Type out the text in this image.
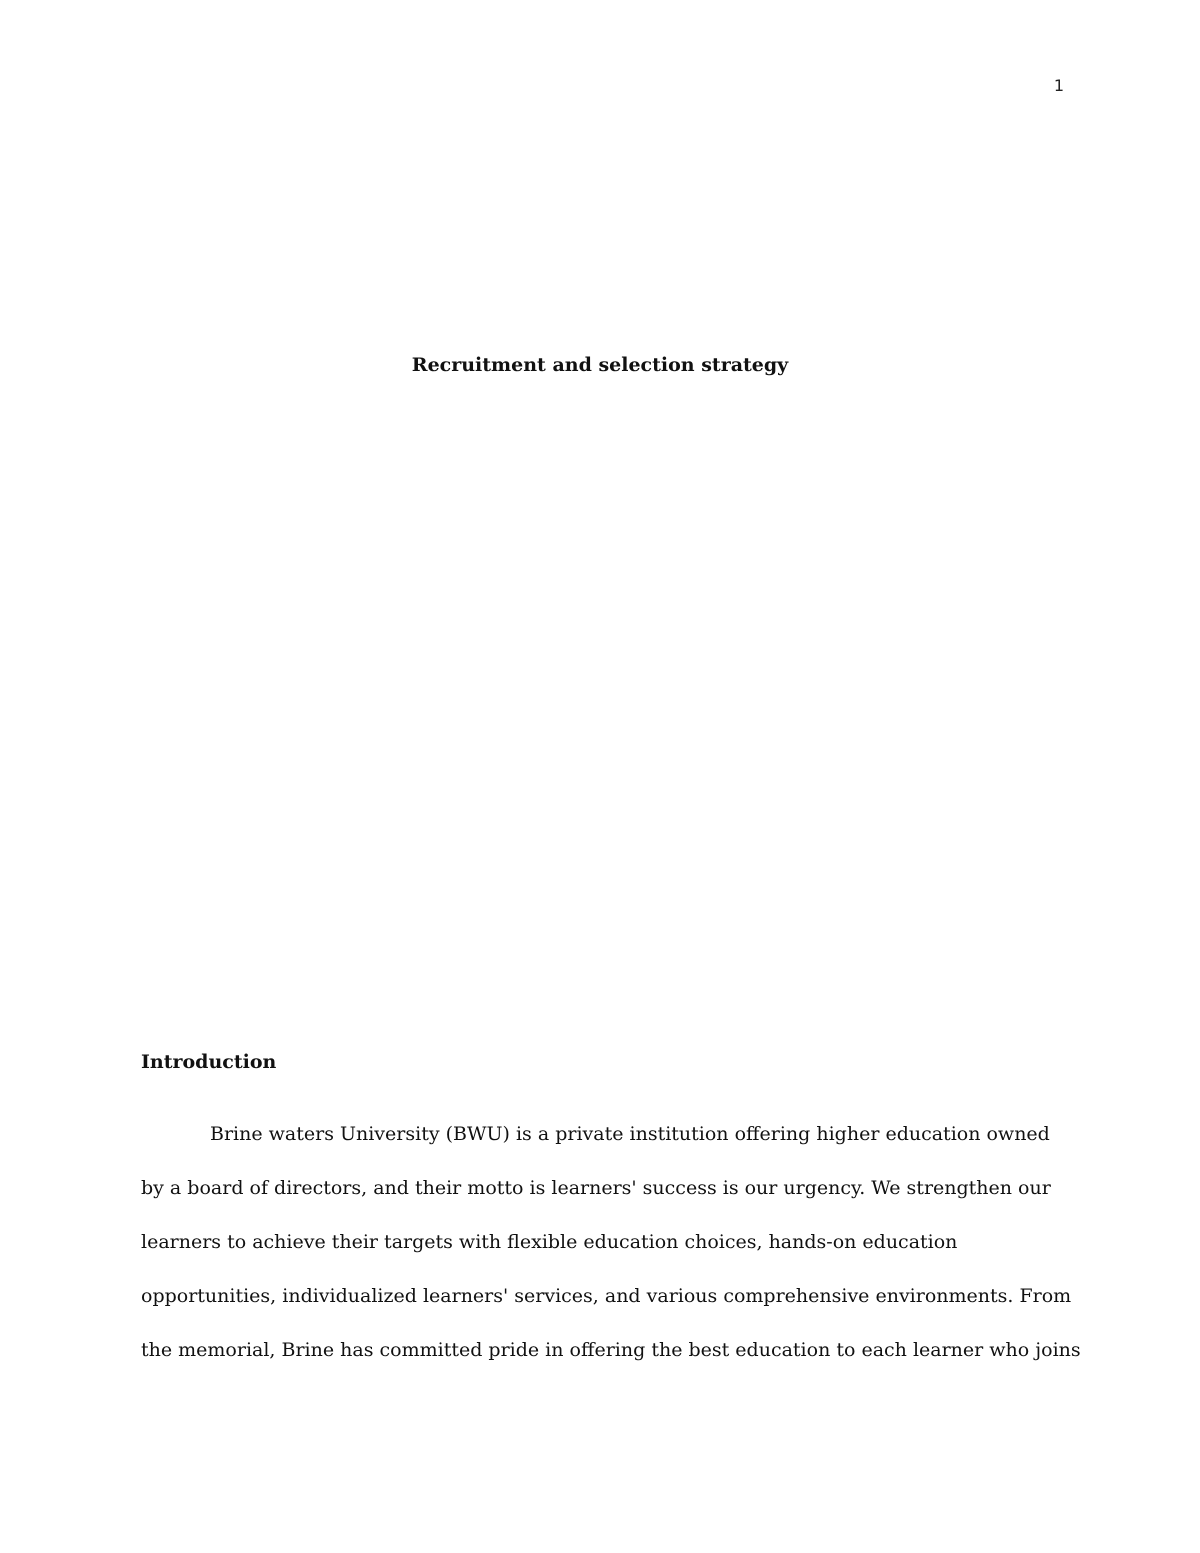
1
Recruitment and selection strategy
Introduction
Brine waters University (BWU) is a private institution offering higher education owned
by a board of directors, and their motto is learners' success is our urgency. We strengthen our
learners to achieve their targets with flexible education choices, hands-on education
opportunities, individualized learners' services, and various comprehensive environments. From
the memorial, Brine has committed pride in offering the best education to each learner who joins
